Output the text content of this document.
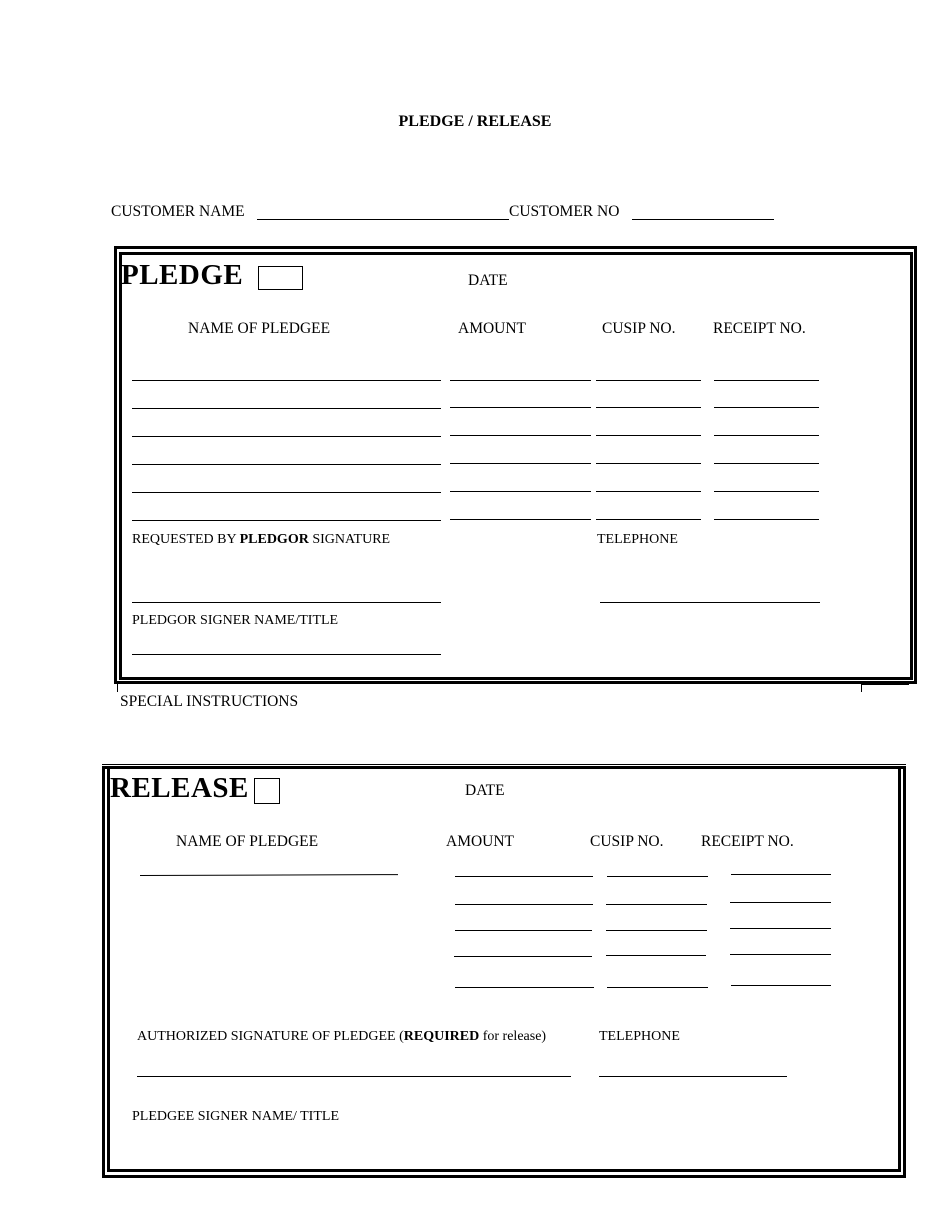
PLEDGE / RELEASE
CUSTOMER NAME	CUSTOMER NO
PLEDGE	DATE
NAME OF PLEDGEE	AMOUNT	CUSIP NO. RECEIPT NO.
REQUESTED BY PLEDGOR SIGNATURE	TELEPHONE
PLEDGOR SIGNER NAME/TITLE
SPECIAL INSTRUCTIONS
RELEASE	DATE
NAME OF PLEDGEE	AMOUNT	CUSIP NO. RECEIPT NO.
AUTHORIZED SIGNATURE OF PLEDGEE (REQUIRED for release)	TELEPHONE
PLEDGEE SIGNER NAME/ TITLE
